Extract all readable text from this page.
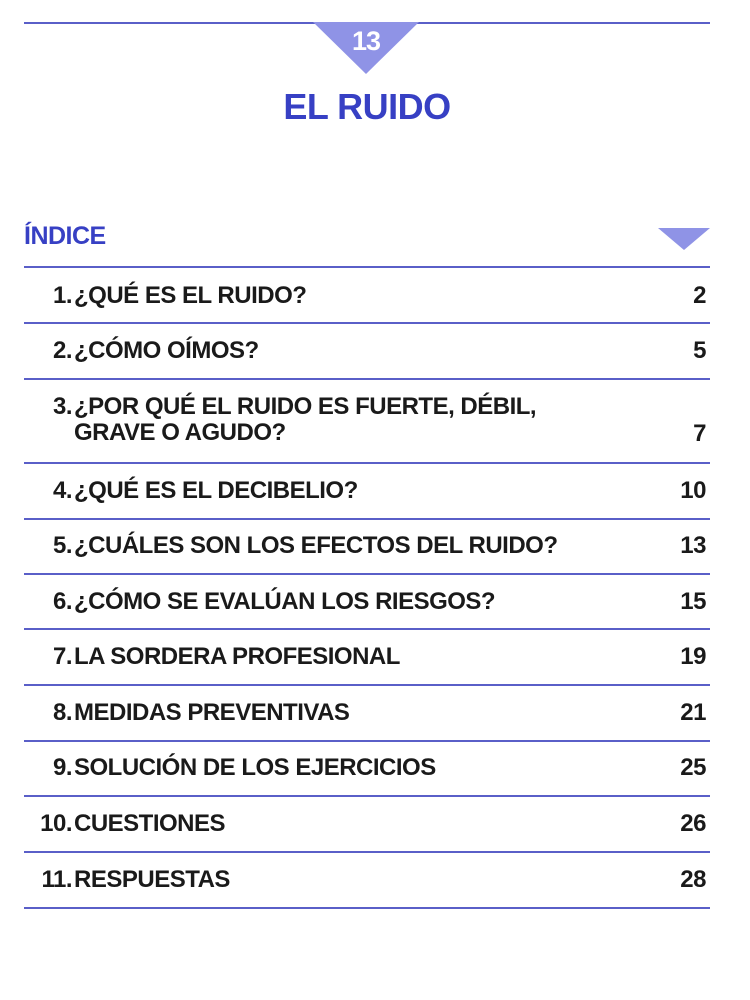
13
EL RUIDO
ÍNDICE
1. ¿QUÉ ES EL RUIDO?	2
2. ¿CÓMO OÍMOS?	5
3. ¿POR QUÉ EL RUIDO ES FUERTE, DÉBIL,
GRAVE O AGUDO?	7
4. ¿QUÉ ES EL DECIBELIO?	10
5. ¿CUÁLES SON LOS EFECTOS DEL RUIDO?	13
6. ¿CÓMO SE EVALÚAN LOS RIESGOS?	15
7. LA SORDERA PROFESIONAL	19
8. MEDIDAS PREVENTIVAS	21
9. SOLUCIÓN DE LOS EJERCICIOS	25
10. CUESTIONES	26
11. RESPUESTAS	28
